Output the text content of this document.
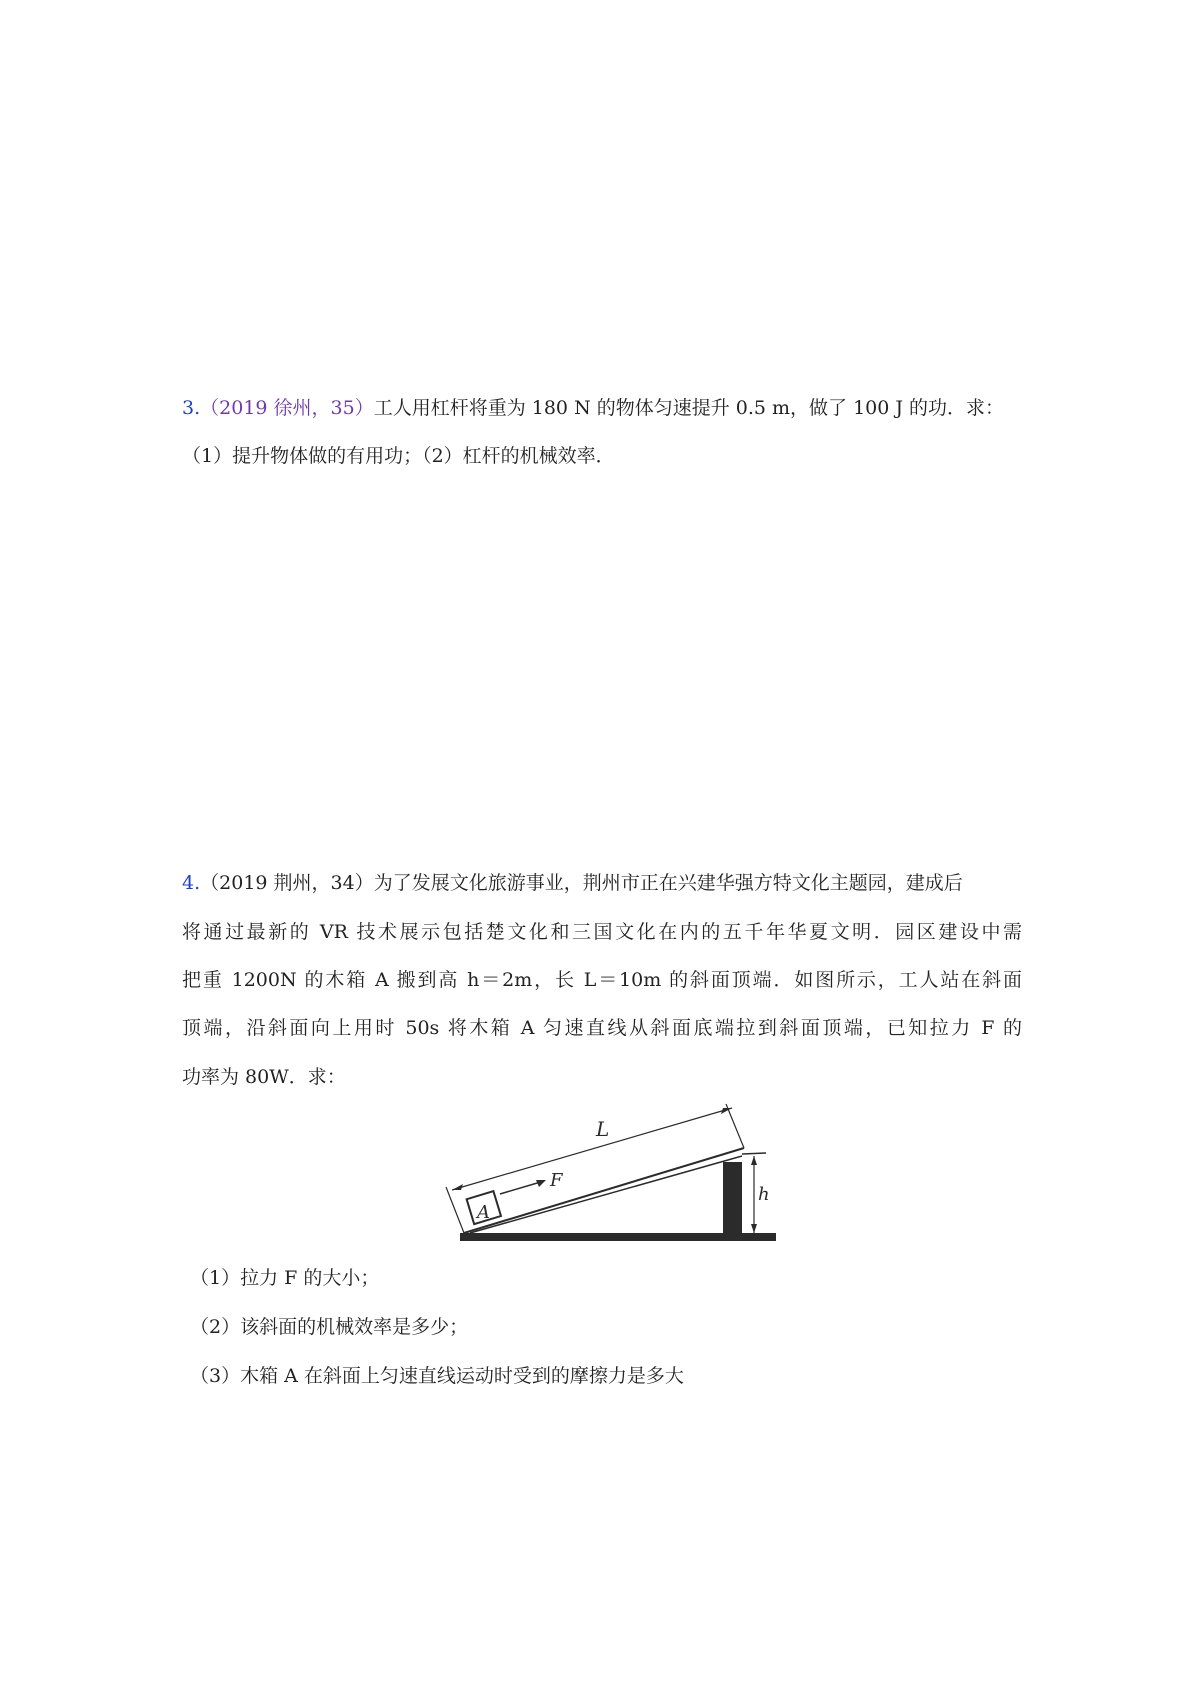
3.（2019 徐州，35）工人用杠杆将重为 180 N 的物体匀速提升 0.5 m，做了 100 J 的功．求：
（1）提升物体做的有用功；（2）杠杆的机械效率．
4.（2019 荆州，34）为了发展文化旅游事业，荆州市正在兴建华强方特文化主题园，建成后
将通过最新的 VR 技术展示包括楚文化和三国文化在内的五千年华夏文明．园区建设中需
把重 1200N 的木箱 A 搬到高 h＝2m，长 L＝10m 的斜面顶端．如图所示，工人站在斜面
顶端，沿斜面向上用时 50s 将木箱 A 匀速直线从斜面底端拉到斜面顶端，已知拉力 F 的
功率为 80W．求：
L
A
F
h
（1）拉力 F 的大小；
（2）该斜面的机械效率是多少；
（3）木箱 A 在斜面上匀速直线运动时受到的摩擦力是多大
